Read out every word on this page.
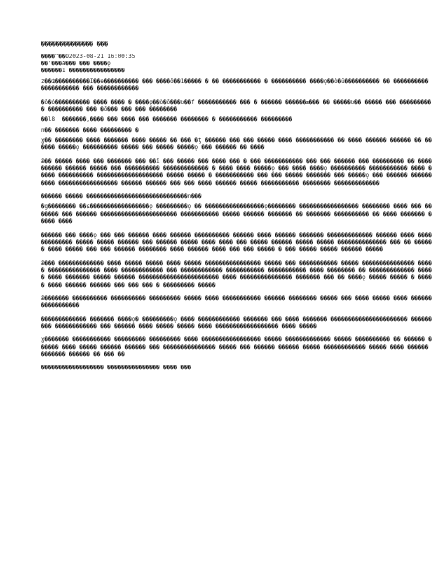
�������������� ���
����^��Ȯ2023-08-21 16:00:35
��'���ǻ��� ��� ����ǫ
������1 ����������������
z��ʥ����������I��ɵ���������� ��� ����ō��1����� � �� ����������� � ���������� ����ǫ��ò�ū���������� �� ���������� ����������� ��� ������������
�ô�ó���������� ���� ���� � ����ǫ��ò�ō���ʋ��f ����������� ��� � ������ ������ᏼ��� �� �����ʋ�� ����� ��� ���������� ���������� ��� �ō��� ��� ��� ��������
��l8  �������,���� ��� ���� ��� ������� �������� � ����������� ���������
n�� ������� ���� ��������� �
ɣ�� �������� ���� ������� ���� ����� �� ��� �ƫ ������ ��� ��� ����� ���� ����������� �� ���� ������ ������ �� ������ �����ǫ ���������� ����� ��� ����� �����ǫ ��� ������ �� ����
ǣ�� ����� ���� ��� ������� ��� ��ī ��� ����� ��� ���� ��� � ��� ����������� ��� ��� ������ ��� ��������� �� ���������� ������ ����� ��� ���������� ������������� � ���� ���� �����ǫ ��� ���� ����ǫ ���������� ����������� ���� ����� ���������� ������������������� ����� ����� � ����������� ��� ��� ����� ������� ��� �����ǫ ��� ������ ���������� ����������������� ������ ������ ��� ��� ���� ������ ����� ����������� �������� �������������
������ ����� �����������������������������n���
�g�������� ��ɕ�����������������ǫ ���������ǫ �� �����������������ǫ�������� ����������������� �������� ���� ��� ������� ��� ������ ���������������������� ����������� ����� ������ ������� �� ������� ���������� �� ���� ������� ����� ����
������ ��� ����ǫ ��� ��� ������ ���� ������ ���������� ������ ���� ������ ������� ������������� ������ ���� ���� ��������� ����� ����� ������ ��� ������ ����� ���� ���� ��� ����� ������ ����� ����� �������������� ��� �� ������ ���� ����� ��� ��� ������ �������� ���� ������ ���� ��� ��� ����� � ��� ����� ����� ������ �����
ǣ��� ������������� ���� ����� ����� ���� ����� ���������������� ����� ��� ����������� ����� ��������������� ����� ��������������� ���� ������������ ��� ������������ ����������� ����������� ���� �������� �� ������������� ����� ���� ������� ����� ������ ����������������������� ���� ��������������� ������� ��� �� ����ǫ ����� ����� � ����� ���� ������ ������ ��� ��� ��� � ��������� �����
ǣ������� ���������� ���������� ��������� ����� ���� ����������� ������ �������� ����� ��� ���� ����� ���� �����������������
������������� ������� ����ǫ� ���������ǫ ���� ������������ ������� ��� ���� ������� ���������������������� ��������� ������������ ��� ������ ���� ����� ����� ���� ������������������ ���� �����
ɣ������� ����������� ��������� ��������� ���� ����������������� ����� ������������� ����� ���������� �� ������ ������ ���� ����� ������ ������ ��� ��������������� ����� ��� ������ ������ ����� ������������ ����� ���� ������ ������� ������ �� ��� ��
������������������ ��������������� ���� ���
